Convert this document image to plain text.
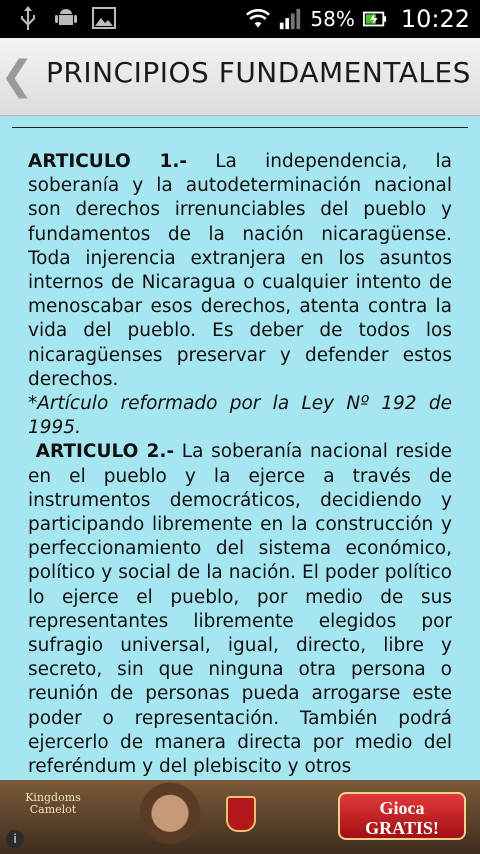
58% 10:22
❮ PRINCIPIOS FUNDAMENTALES
ARTICULO 1.- La independencia, la soberanía y la autodeterminación nacional son derechos irrenunciables del pueblo y fundamentos de la nación nicaragüense. Toda injerencia extranjera en los asuntos internos de Nicaragua o cualquier intento de menoscabar esos derechos, atenta contra la vida del pueblo. Es deber de todos los nicaragüenses preservar y defender estos derechos.
*Artículo reformado por la Ley Nº 192 de 1995.
ARTICULO 2.- La soberanía nacional reside en el pueblo y la ejerce a través de instrumentos democráticos, decidiendo y participando libremente en la construcción y perfeccionamiento del sistema económico, político y social de la nación. El poder político lo ejerce el pueblo, por medio de sus representantes libremente elegidos por sufragio universal, igual, directo, libre y secreto, sin que ninguna otra persona o reunión de personas pueda arrogarse este poder o representación. También podrá ejercerlo de manera directa por medio del referéndum y del plebiscito y otros
Kingdoms Camelot	Gioca
GRATIS!
i
